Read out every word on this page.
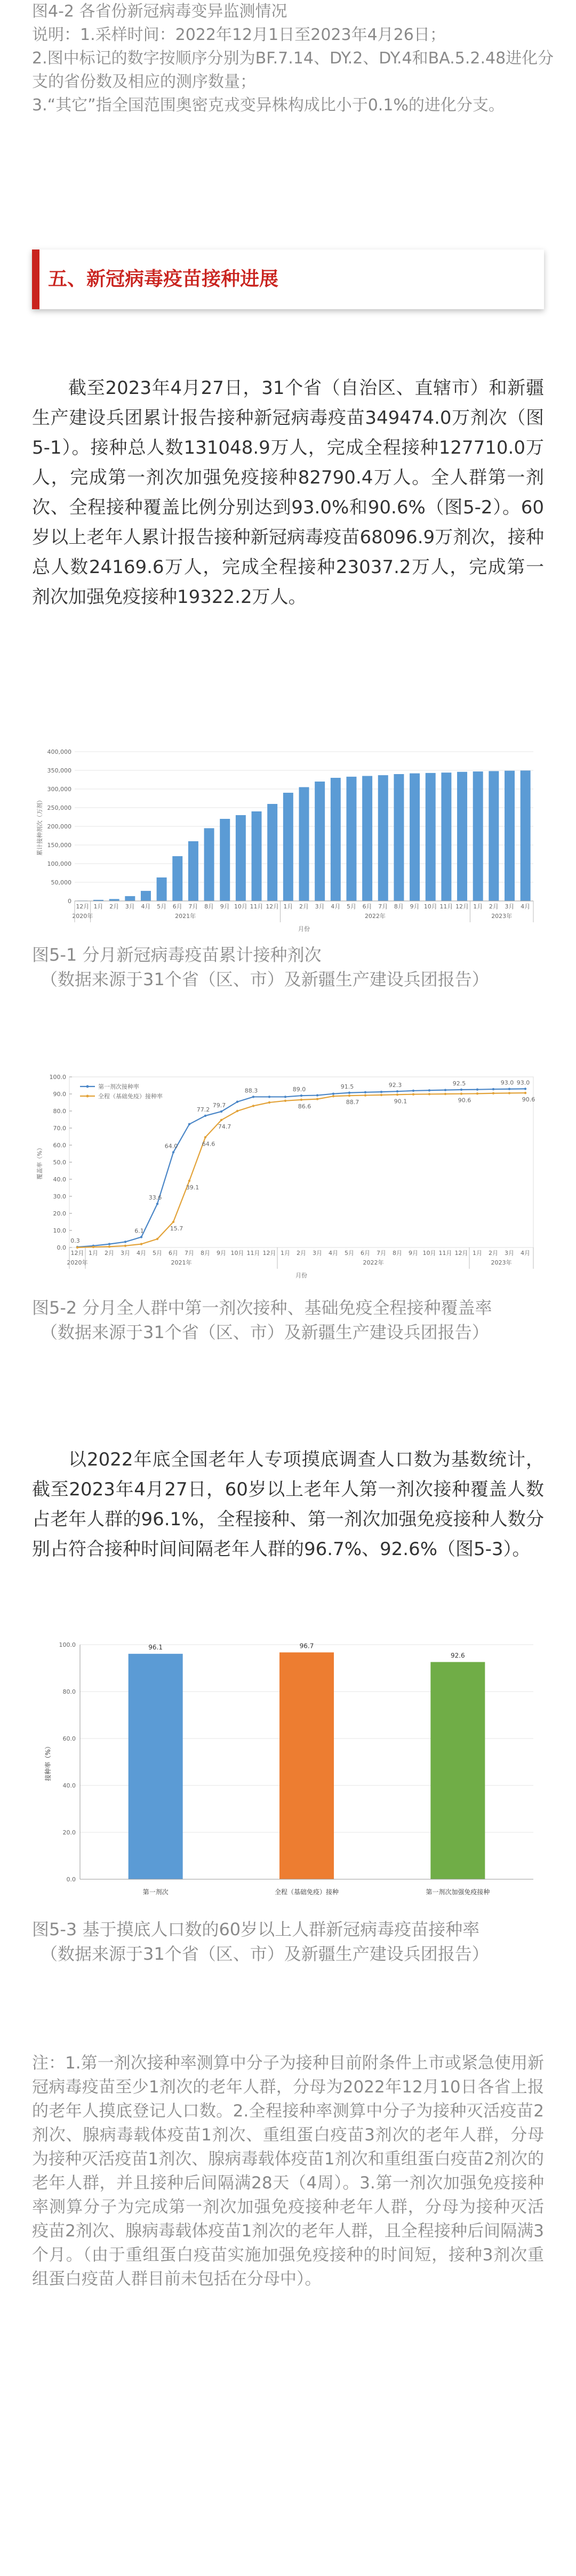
图4-2 各省份新冠病毒变异监测情况
说明：1.采样时间：2022年12月1日至2023年4月26日；
2.图中标记的数字按顺序分别为BF.7.14、DY.2、DY.4和BA.5.2.48进化分支的省份数及相应的测序数量；
3.“其它”指全国范围奥密克戎变异株构成比小于0.1%的进化分支。
五、新冠病毒疫苗接种进展

截至2023年4月27日，31个省（自治区、直辖市）和新疆生产建设兵团累计报告接种新冠病毒疫苗349474.0万剂次（图5-1）。接种总人数131048.9万人，完成全程接种127710.0万人，完成第一剂次加强免疫接种82790.4万人。全人群第一剂次、全程接种覆盖比例分别达到93.0%和90.6%（图5-2）。60岁以上老年人累计报告接种新冠病毒疫苗68096.9万剂次，接种总人数24169.6万人，完成全程接种23037.2万人，完成第一剂次加强免疫接种19322.2万人。

0
50,000
100,000
150,000
200,000
250,000
300,000
350,000
400,000
累计接种剂次（万剂）
12月 1月 2月 3月 4月 5月 6月 7月 8月 9月 10月 11月 12月 1月 2月 3月 4月 5月 6月 7月 8月 9月 10月 11月 12月 1月 2月 3月 4月
2020年	2021年	2022年	2023年
月份
图5-1 分月新冠病毒疫苗累计接种剂次
（数据来源于31个省（区、市）及新疆生产建设兵团报告）
0.0
10.0
20.0
30.0
40.0
50.0
60.0
70.0
80.0
90.0
100.0
覆盖率（%）
0.3
6.1
33.6
64.0
77.2
79.7
88.3	89.0	91.5	92.3	92.5	93.0 93.0
15.7
39.1
64.6
74.7
86.6
88.7	90.1	90.6	90.6
第一剂次接种率
全程（基础免疫）接种率
12月 1月 2月 3月 4月 5月 6月 7月 8月 9月 10月 11月 12月 1月 2月 3月 4月 5月 6月 7月 8月 9月 10月 11月 12月 1月 2月 3月 4月
2020年	2021年	2022年	2023年
月份
图5-2 分月全人群中第一剂次接种、基础免疫全程接种覆盖率
（数据来源于31个省（区、市）及新疆生产建设兵团报告）

以2022年底全国老年人专项摸底调查人口数为基数统计，截至2023年4月27日，60岁以上老年人第一剂次接种覆盖人数占老年人群的96.1%，全程接种、第一剂次加强免疫接种人数分别占符合接种时间间隔老年人群的96.7%、92.6%（图5-3）。

0.0
20.0
40.0
60.0
80.0
100.0
接种率（%）
96.1
第一剂次
96.7
全程（基础免疫）接种
92.6
第一剂次加强免疫接种
图5-3 基于摸底人口数的60岁以上人群新冠病毒疫苗接种率
（数据来源于31个省（区、市）及新疆生产建设兵团报告）
注：1.第一剂次接种率测算中分子为接种目前附条件上市或紧急使用新冠病毒疫苗至少1剂次的老年人群，分母为2022年12月10日各省上报的老年人摸底登记人口数。2.全程接种率测算中分子为接种灭活疫苗2剂次、腺病毒载体疫苗1剂次、重组蛋白疫苗3剂次的老年人群，分母为接种灭活疫苗1剂次、腺病毒载体疫苗1剂次和重组蛋白疫苗2剂次的老年人群，并且接种后间隔满28天（4周）。3.第一剂次加强免疫接种率测算分子为完成第一剂次加强免疫接种老年人群，分母为接种灭活疫苗2剂次、腺病毒载体疫苗1剂次的老年人群，且全程接种后间隔满3个月。（由于重组蛋白疫苗实施加强免疫接种的时间短，接种3剂次重组蛋白疫苗人群目前未包括在分母中）。
